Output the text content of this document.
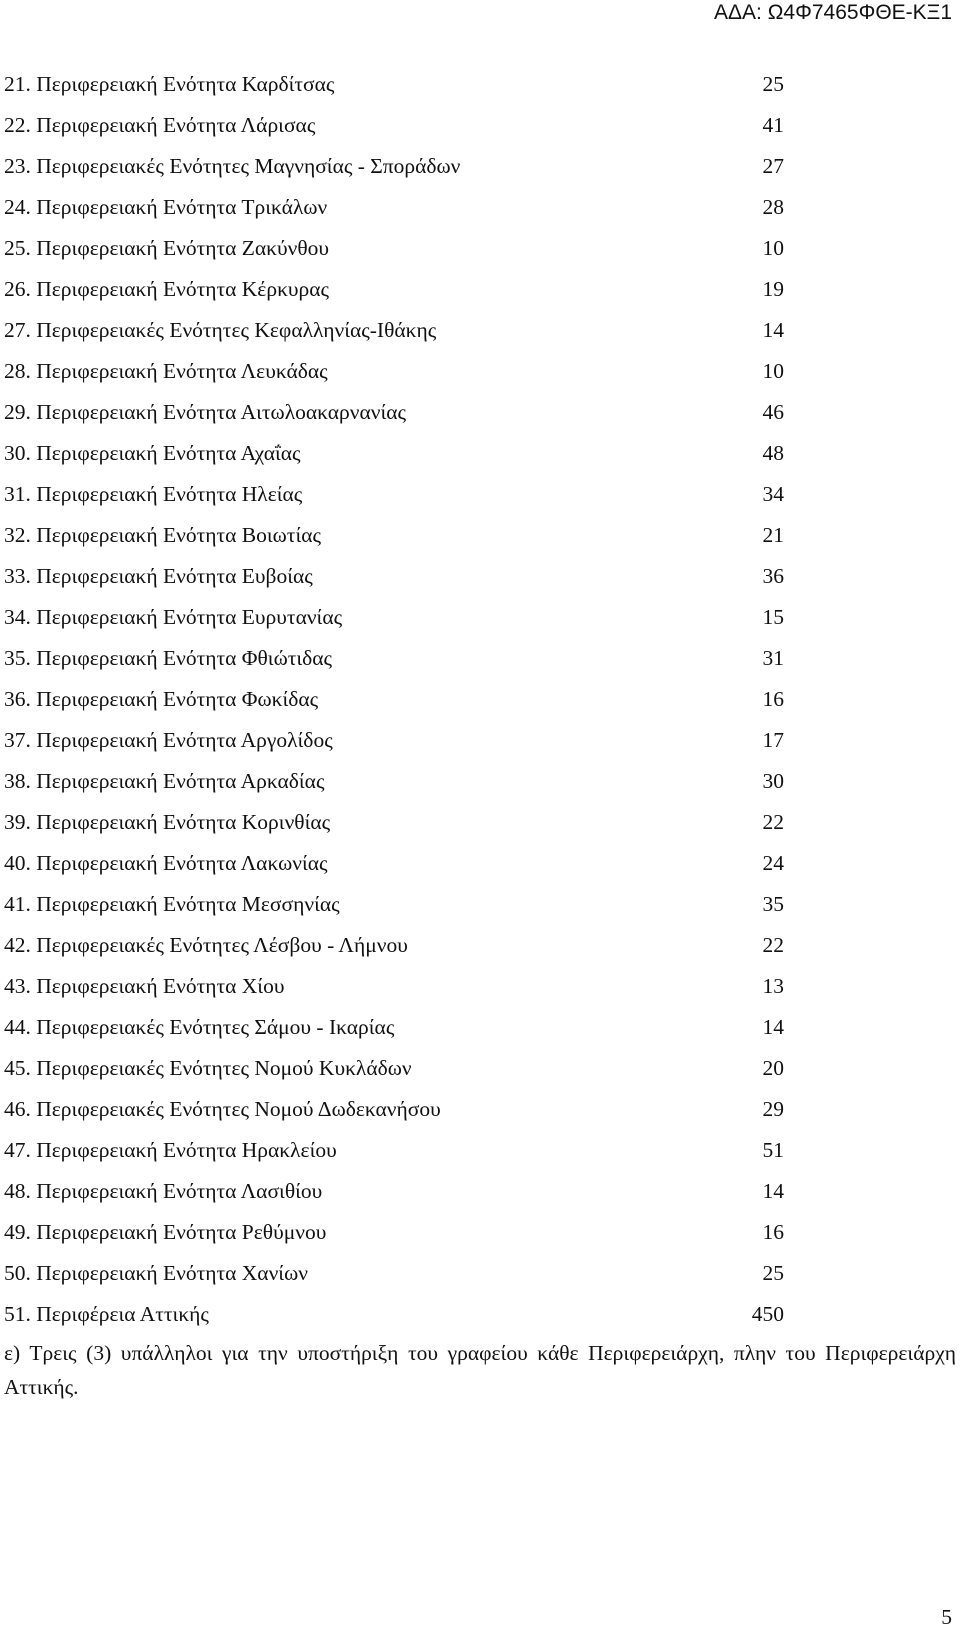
ΑΔΑ: Ω4Φ7465ΦΘΕ-ΚΞ1
21. Περιφερειακή Ενότητα Καρδίτσας	25
22. Περιφερειακή Ενότητα Λάρισας	41
23. Περιφερειακές Ενότητες Μαγνησίας - Σποράδων	27
24. Περιφερειακή Ενότητα Τρικάλων	28
25. Περιφερειακή Ενότητα Ζακύνθου	10
26. Περιφερειακή Ενότητα Κέρκυρας	19
27. Περιφερειακές Ενότητες Κεφαλληνίας-Ιθάκης	14
28. Περιφερειακή Ενότητα Λευκάδας	10
29. Περιφερειακή Ενότητα Αιτωλοακαρνανίας	46
30. Περιφερειακή Ενότητα Αχαΐας	48
31. Περιφερειακή Ενότητα Ηλείας	34
32. Περιφερειακή Ενότητα Βοιωτίας	21
33. Περιφερειακή Ενότητα Ευβοίας	36
34. Περιφερειακή Ενότητα Ευρυτανίας	15
35. Περιφερειακή Ενότητα Φθιώτιδας	31
36. Περιφερειακή Ενότητα Φωκίδας	16
37. Περιφερειακή Ενότητα Αργολίδος	17
38. Περιφερειακή Ενότητα Αρκαδίας	30
39. Περιφερειακή Ενότητα Κορινθίας	22
40. Περιφερειακή Ενότητα Λακωνίας	24
41. Περιφερειακή Ενότητα Μεσσηνίας	35
42. Περιφερειακές Ενότητες Λέσβου - Λήμνου	22
43. Περιφερειακή Ενότητα Χίου	13
44. Περιφερειακές Ενότητες Σάμου - Ικαρίας	14
45. Περιφερειακές Ενότητες Νομού Κυκλάδων	20
46. Περιφερειακές Ενότητες Νομού Δωδεκανήσου	29
47. Περιφερειακή Ενότητα Ηρακλείου	51
48. Περιφερειακή Ενότητα Λασιθίου	14
49. Περιφερειακή Ενότητα Ρεθύμνου	16
50. Περιφερειακή Ενότητα Χανίων	25
51. Περιφέρεια Αττικής	450
ε) Τρεις (3) υπάλληλοι για την υποστήριξη του γραφείου κάθε Περιφερειάρχη, πλην του Περιφερειάρχη Αττικής.
5
